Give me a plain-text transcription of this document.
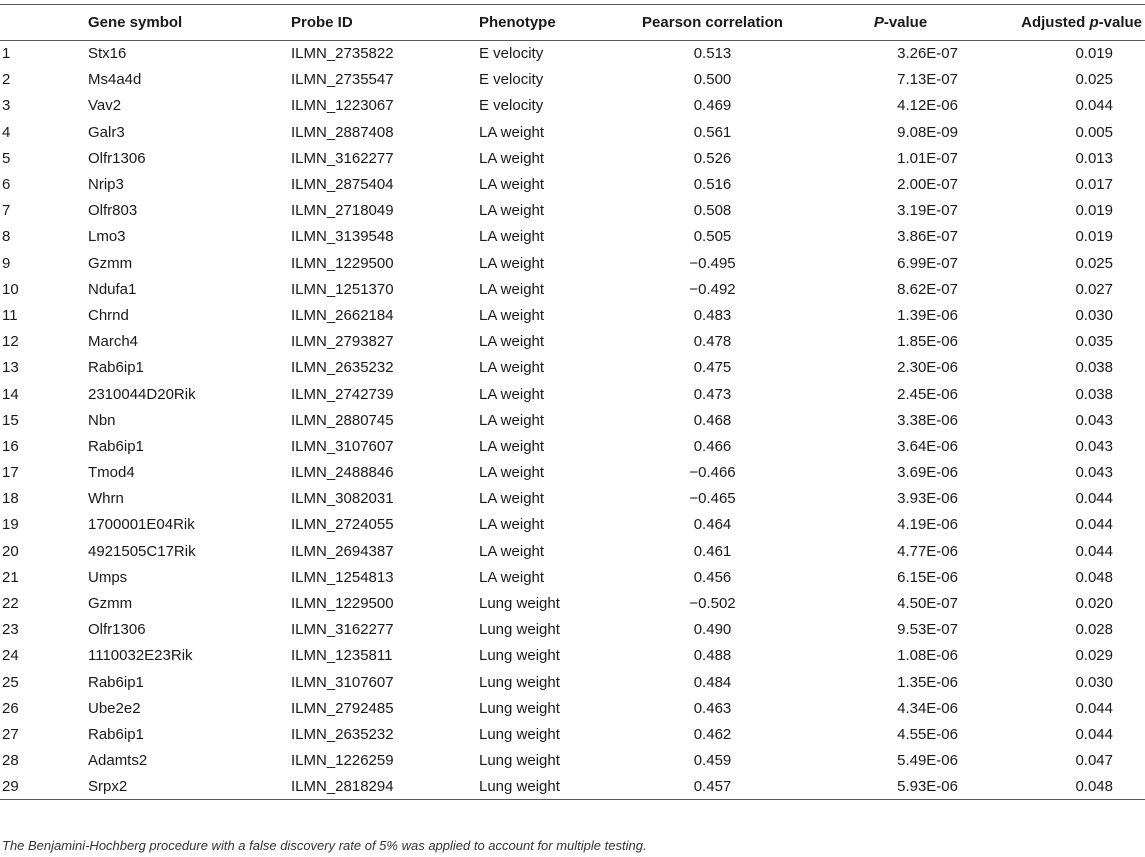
	Gene symbol	Probe ID	Phenotype	Pearson correlation	P-value	Adjusted p-value
1	Stx16	ILMN_2735822	E velocity	0.513	3.26E-07	0.019
2	Ms4a4d	ILMN_2735547	E velocity	0.500	7.13E-07	0.025
3	Vav2	ILMN_1223067	E velocity	0.469	4.12E-06	0.044
4	Galr3	ILMN_2887408	LA weight	0.561	9.08E-09	0.005
5	Olfr1306	ILMN_3162277	LA weight	0.526	1.01E-07	0.013
6	Nrip3	ILMN_2875404	LA weight	0.516	2.00E-07	0.017
7	Olfr803	ILMN_2718049	LA weight	0.508	3.19E-07	0.019
8	Lmo3	ILMN_3139548	LA weight	0.505	3.86E-07	0.019
9	Gzmm	ILMN_1229500	LA weight	−0.495	6.99E-07	0.025
10	Ndufa1	ILMN_1251370	LA weight	−0.492	8.62E-07	0.027
11	Chrnd	ILMN_2662184	LA weight	0.483	1.39E-06	0.030
12	March4	ILMN_2793827	LA weight	0.478	1.85E-06	0.035
13	Rab6ip1	ILMN_2635232	LA weight	0.475	2.30E-06	0.038
14	2310044D20Rik	ILMN_2742739	LA weight	0.473	2.45E-06	0.038
15	Nbn	ILMN_2880745	LA weight	0.468	3.38E-06	0.043
16	Rab6ip1	ILMN_3107607	LA weight	0.466	3.64E-06	0.043
17	Tmod4	ILMN_2488846	LA weight	−0.466	3.69E-06	0.043
18	Whrn	ILMN_3082031	LA weight	−0.465	3.93E-06	0.044
19	1700001E04Rik	ILMN_2724055	LA weight	0.464	4.19E-06	0.044
20	4921505C17Rik	ILMN_2694387	LA weight	0.461	4.77E-06	0.044
21	Umps	ILMN_1254813	LA weight	0.456	6.15E-06	0.048
22	Gzmm	ILMN_1229500	Lung weight	−0.502	4.50E-07	0.020
23	Olfr1306	ILMN_3162277	Lung weight	0.490	9.53E-07	0.028
24	1110032E23Rik	ILMN_1235811	Lung weight	0.488	1.08E-06	0.029
25	Rab6ip1	ILMN_3107607	Lung weight	0.484	1.35E-06	0.030
26	Ube2e2	ILMN_2792485	Lung weight	0.463	4.34E-06	0.044
27	Rab6ip1	ILMN_2635232	Lung weight	0.462	4.55E-06	0.044
28	Adamts2	ILMN_1226259	Lung weight	0.459	5.49E-06	0.047
29	Srpx2	ILMN_2818294	Lung weight	0.457	5.93E-06	0.048
The Benjamini-Hochberg procedure with a false discovery rate of 5% was applied to account for multiple testing.
